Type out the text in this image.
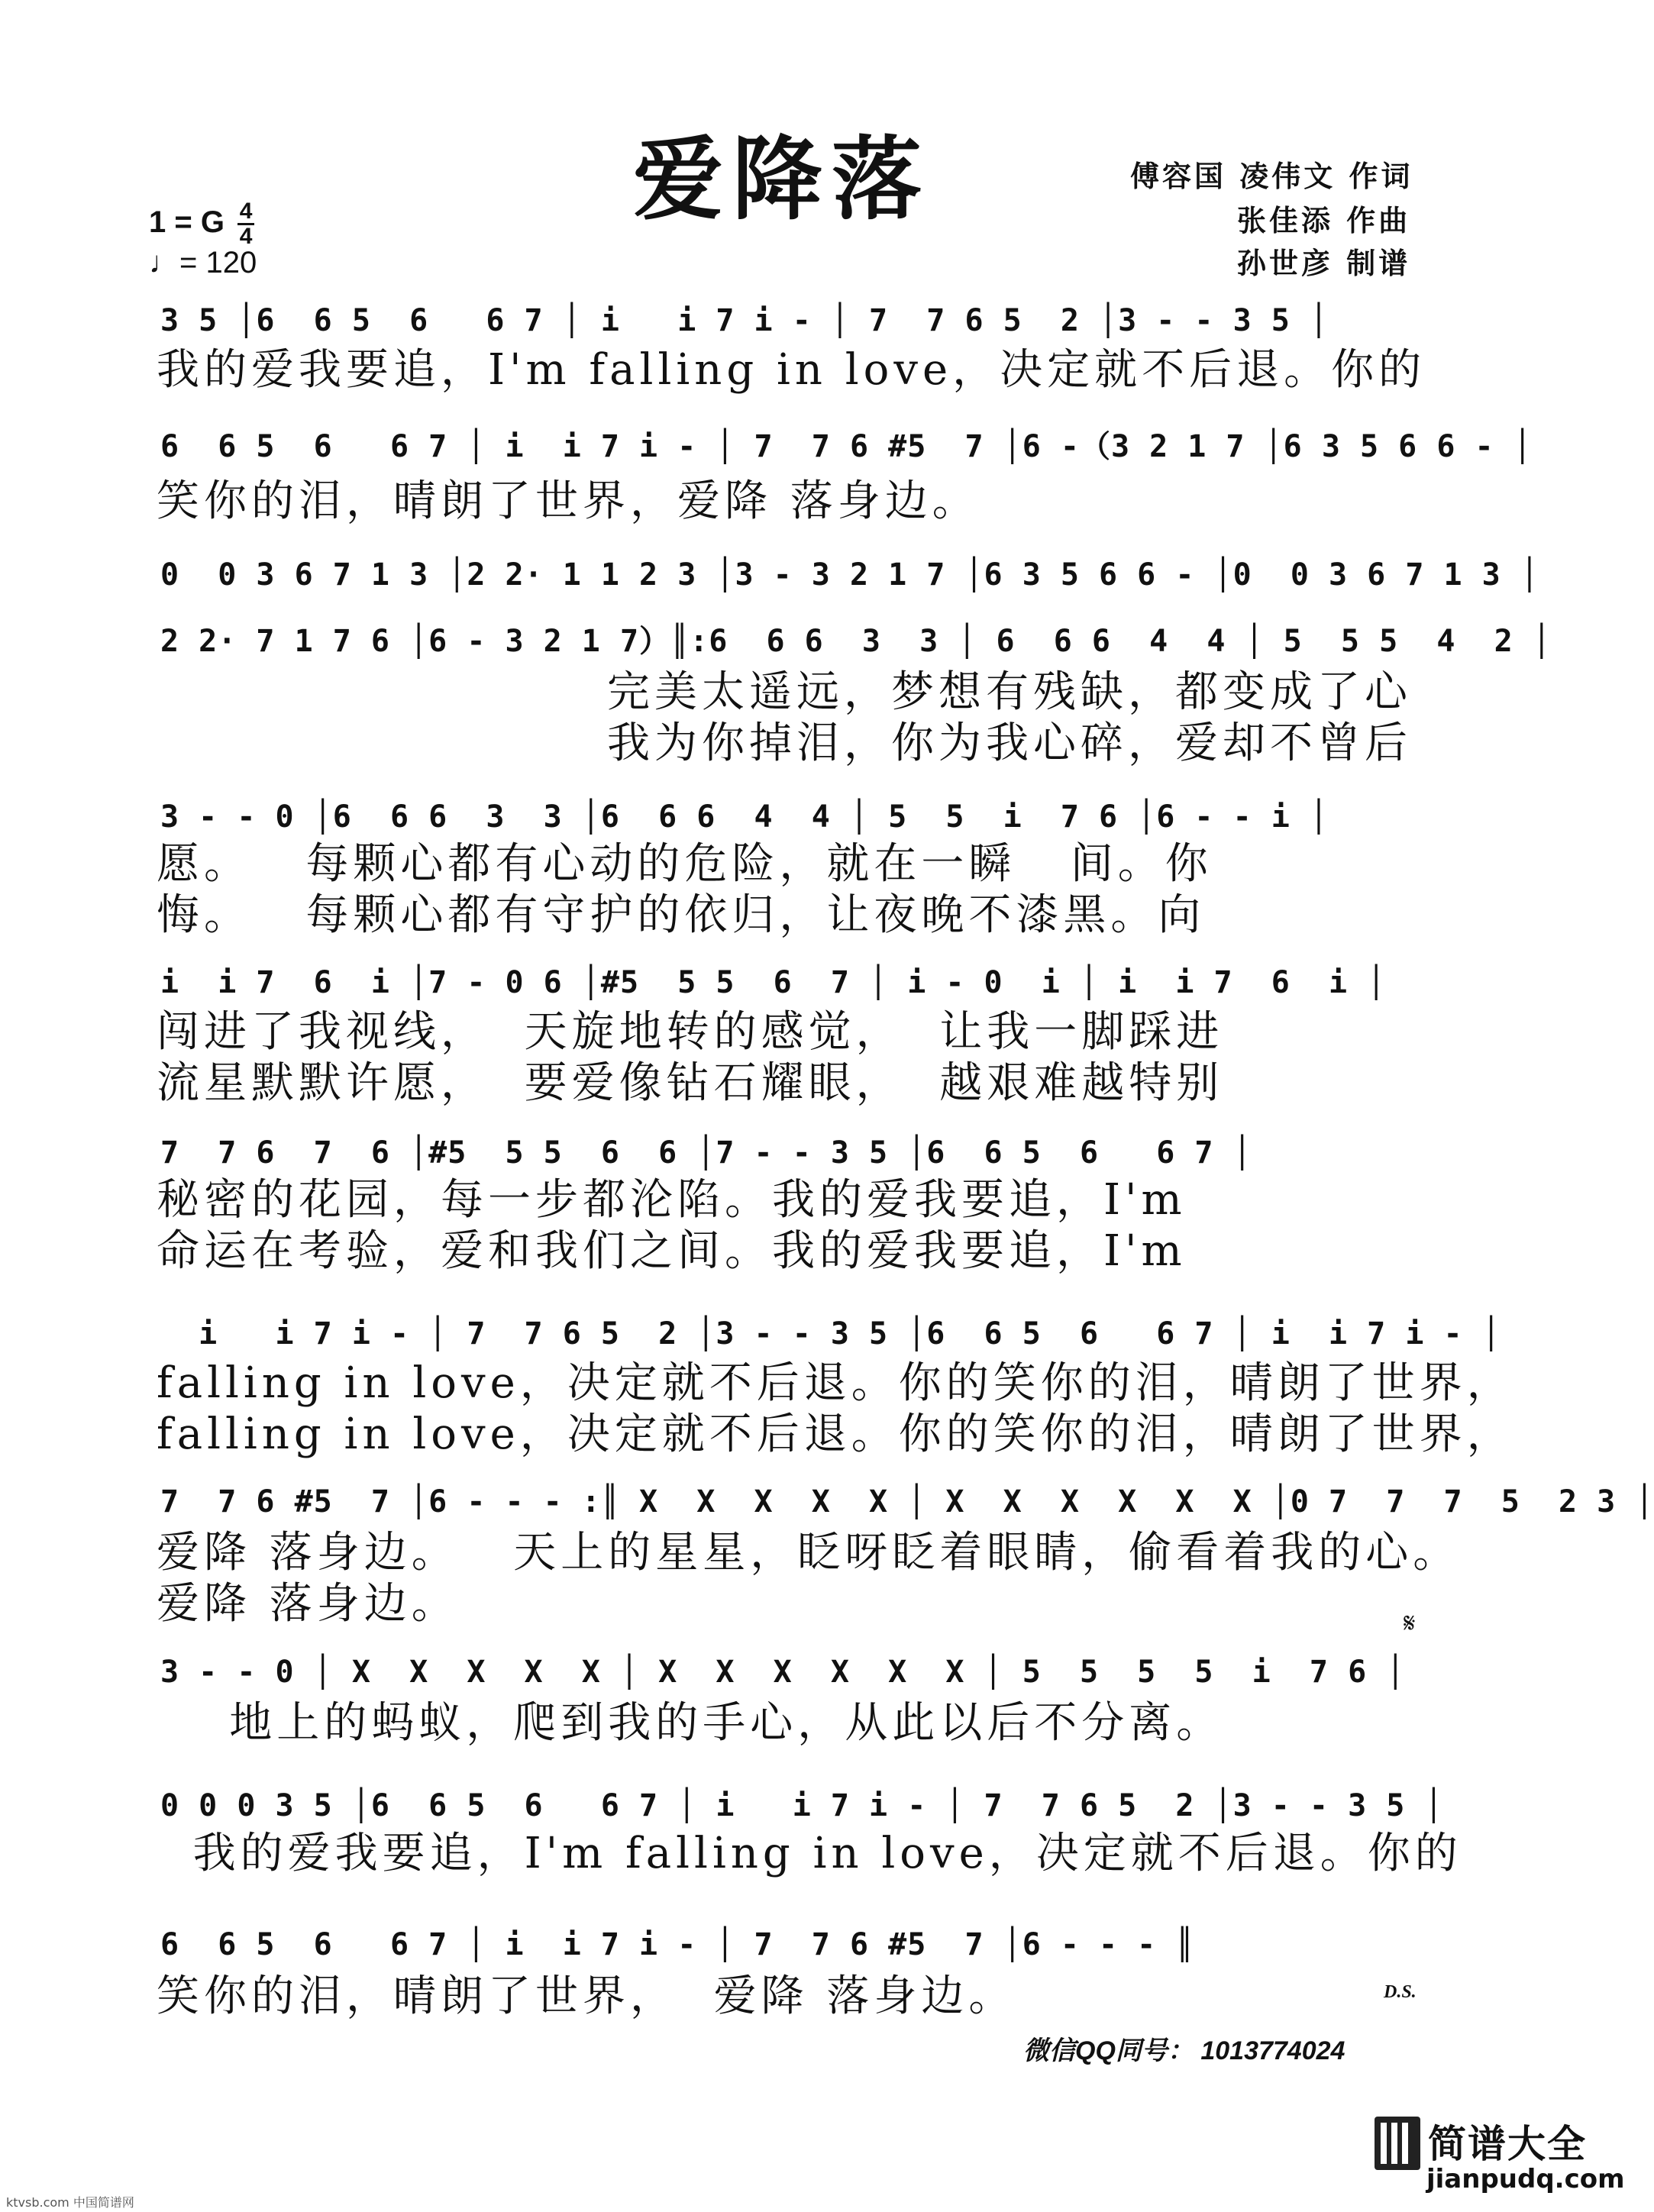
爱降落	傅容国 凌伟文 作词
张佳添 作曲
孙世彦 制谱
1 = G $\frac{4}{4}$
♩= 120
3 5 │6  6 5  6   6 7 │ i   i 7 i - │ 7  7 6 5  2 │3 - - 3 5 │
我的爱我要追，I'm falling in love，决定就不后退。你的
6  6 5  6   6 7 │ i  i 7 i - │ 7  7 6 #5  7 │6 -（3 2 1 7 │6 3 5 6 6 - │
笑你的泪，晴朗了世界，爱降 落身边。
0  0 3 6 7 1 3 │2 2· 1 1 2 3 │3 - 3 2 1 7 │6 3 5 6 6 - │0  0 3 6 7 1 3 │
2 2· 7 1 7 6 │6 - 3 2 1 7）║:6  6 6  3  3 │ 6  6 6  4  4 │ 5  5 5  4  2 │
完美太遥远，梦想有残缺，都变成了心
我为你掉泪，你为我心碎，爱却不曾后
3 - - 0 │6  6 6  3  3 │6  6 6  4  4 │ 5  5  i  7 6 │6 - - i │
愿。   每颗心都有心动的危险，就在一瞬   间。你
悔。   每颗心都有守护的依归，让夜晚不漆黑。向
i  i 7  6  i │7 - 0 6 │#5  5 5  6  7 │ i - 0  i │ i  i 7  6  i │
闯进了我视线，  天旋地转的感觉，  让我一脚踩进
流星默默许愿，  要爱像钻石耀眼，  越艰难越特别
7  7 6  7  6 │#5  5 5  6  6 │7 - - 3 5 │6  6 5  6   6 7 │
秘密的花园，每一步都沦陷。我的爱我要追，I'm
命运在考验，爱和我们之间。我的爱我要追，I'm
i   i 7 i - │ 7  7 6 5  2 │3 - - 3 5 │6  6 5  6   6 7 │ i  i 7 i - │
falling in love，决定就不后退。你的笑你的泪，晴朗了世界，
falling in love，决定就不后退。你的笑你的泪，晴朗了世界，
7  7 6 #5  7 │6 - - - :║ X  X  X  X  X │ X  X  X  X  X  X │0 7  7  7  5  2 3 │
爱降 落身边。   天上的星星，眨呀眨着眼睛，偷看着我的心。
爱降 落身边。	𝄋
3 - - 0 │ X  X  X  X  X │ X  X  X  X  X  X │ 5  5  5  5  i  7 6 │
地上的蚂蚁，爬到我的手心，从此以后不分离。
0 0 0 3 5 │6  6 5  6   6 7 │ i   i 7 i - │ 7  7 6 5  2 │3 - - 3 5 │
我的爱我要追，I'm falling in love，决定就不后退。你的
6  6 5  6   6 7 │ i  i 7 i - │ 7  7 6 #5  7 │6 - - - ║
笑你的泪，晴朗了世界，  爱降 落身边。	D.S.
微信QQ同号： 1013774024
ktvsb.com 中国简谱网
简谱大全
jianpudq.com
